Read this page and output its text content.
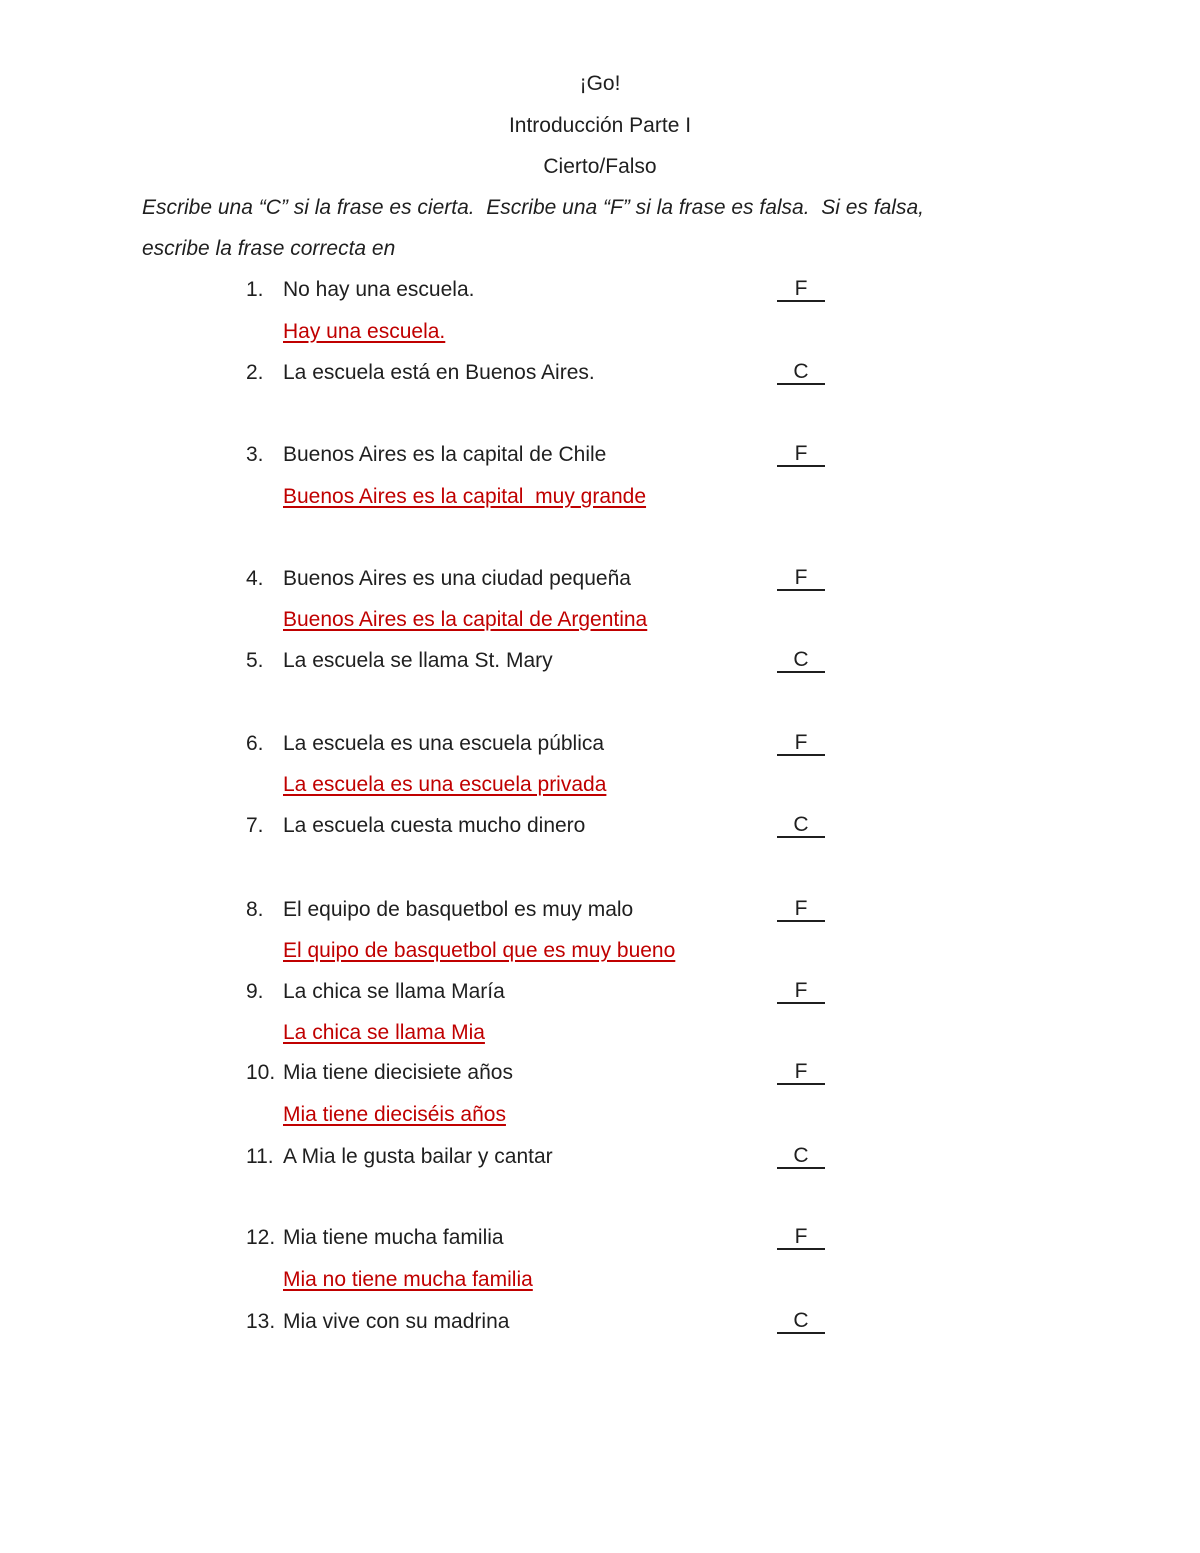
¡Go!
Introducción Parte I
Cierto/Falso
Escribe una “C” si la frase es cierta.  Escribe una “F” si la frase es falsa.  Si es falsa,
escribe la frase correcta en
1. No hay una escuela.	F
Hay una escuela.
2. La escuela está en Buenos Aires.	C
3. Buenos Aires es la capital de Chile	F
Buenos Aires es la capital  muy grande
4. Buenos Aires es una ciudad pequeña	F
Buenos Aires es la capital de Argentina
5. La escuela se llama St. Mary	C
6. La escuela es una escuela pública	F
La escuela es una escuela privada
7. La escuela cuesta mucho dinero	C
8. El equipo de basquetbol es muy malo	F
El quipo de basquetbol que es muy bueno
9. La chica se llama María	F
La chica se llama Mia
10. Mia tiene diecisiete años	F
Mia tiene dieciséis años
11. A Mia le gusta bailar y cantar	C
12. Mia tiene mucha familia	F
Mia no tiene mucha familia
13. Mia vive con su madrina	C
